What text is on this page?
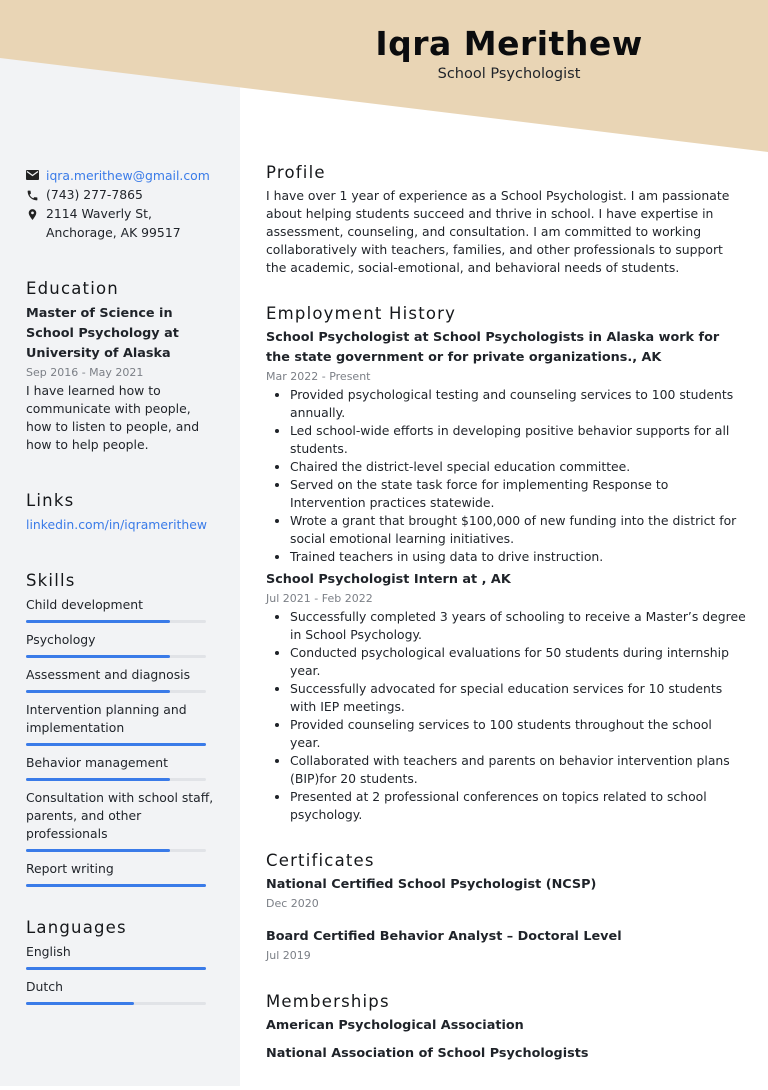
Iqra Merithew
School Psychologist
iqra.merithew@gmail.com
(743) 277-7865
2114 Waverly St, Anchorage, AK 99517
Education
Master of Science in School Psychology at University of Alaska
Sep 2016 - May 2021
I have learned how to communicate with people, how to listen to people, and how to help people.
Links
linkedin.com/in/iqramerithew
Skills
Child development
Psychology
Assessment and diagnosis
Intervention planning and implementation
Behavior management
Consultation with school staff, parents, and other professionals
Report writing
Languages
English
Dutch
Profile
I have over 1 year of experience as a School Psychologist. I am passionate about helping students succeed and thrive in school. I have expertise in assessment, counseling, and consultation. I am committed to working collaboratively with teachers, families, and other professionals to support the academic, social-emotional, and behavioral needs of students.
Employment History
School Psychologist at School Psychologists in Alaska work for the state government or for private organizations., AK
Mar 2022 - Present
• Provided psychological testing and counseling services to 100 students annually.
• Led school-wide efforts in developing positive behavior supports for all students.
• Chaired the district-level special education committee.
• Served on the state task force for implementing Response to Intervention practices statewide.
• Wrote a grant that brought $100,000 of new funding into the district for social emotional learning initiatives.
• Trained teachers in using data to drive instruction.
School Psychologist Intern at , AK
Jul 2021 - Feb 2022
• Successfully completed 3 years of schooling to receive a Master’s degree in School Psychology.
• Conducted psychological evaluations for 50 students during internship year.
• Successfully advocated for special education services for 10 students with IEP meetings.
• Provided counseling services to 100 students throughout the school year.
• Collaborated with teachers and parents on behavior intervention plans (BIP)for 20 students.
• Presented at 2 professional conferences on topics related to school psychology.
Certificates
National Certified School Psychologist (NCSP)
Dec 2020
Board Certified Behavior Analyst – Doctoral Level
Jul 2019
Memberships
American Psychological Association
National Association of School Psychologists
